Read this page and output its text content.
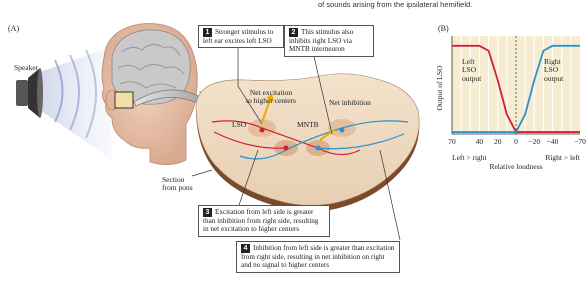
of sounds arising from the ipsilateral hemifield.
(A)
Speaker
Section
from pons
LSO	MNTB
Net excitation
to higher centers	Net inhibition
1 Stronger stimulus to left ear excites left LSO
2 This stimulus also inhibits right LSO via MNTB interneuron
3 Excitation from left side is greater than inhibition from right side, resulting in net excitation to higher centers
4 Inhibition from left side is greater than excitation from right side, resulting in net inhibition on right and no signal to higher centers
(B)
70	40 20 0 −20 −40 −70
Output of LSO
Left > right	Right > left
Relative loudness
Left
LSO
output
Right
LSO
output
